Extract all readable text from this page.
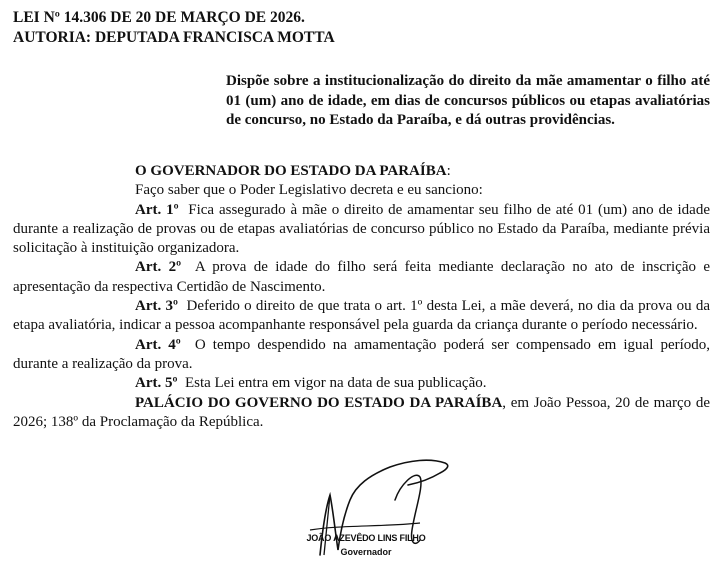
LEI Nº 14.306 DE 20 DE MARÇO DE 2026.
AUTORIA: DEPUTADA FRANCISCA MOTTA
Dispõe sobre a institucionalização do direito da mãe amamentar o filho até 01 (um) ano de idade, em dias de concursos públicos ou etapas avaliatórias de concurso, no Estado da Paraíba, e dá outras providências.

O GOVERNADOR DO ESTADO DA PARAÍBA:

Faço saber que o Poder Legislativo decreta e eu sanciono:

Art. 1º Fica assegurado à mãe o direito de amamentar seu filho de até 01 (um) ano de idade durante a realização de provas ou de etapas avaliatórias de concurso público no Estado da Paraíba, mediante prévia solicitação à instituição organizadora.

Art. 2º A prova de idade do filho será feita mediante declaração no ato de inscrição e apresentação da respectiva Certidão de Nascimento.

Art. 3º Deferido o direito de que trata o art. 1º desta Lei, a mãe deverá, no dia da prova ou da etapa avaliatória, indicar a pessoa acompanhante responsável pela guarda da criança durante o período necessário.

Art. 4º O tempo despendido na amamentação poderá ser compensado em igual período, durante a realização da prova.

Art. 5º Esta Lei entra em vigor na data de sua publicação.

PALÁCIO DO GOVERNO DO ESTADO DA PARAÍBA, em João Pessoa, 20 de março de 2026; 138º da Proclamação da República.

JOÃO AZEVÊDO LINS FILHO
Governador
